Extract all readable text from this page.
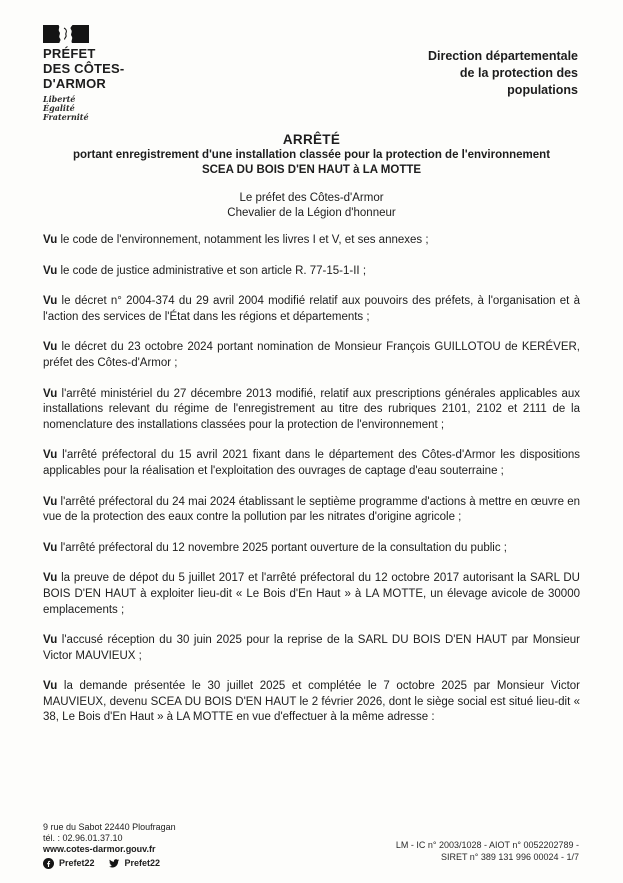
PRÉFET
DES CÔTES-
D'ARMOR
Liberté
Égalité
Fraternité
Direction départementale
de la protection des
populations
ARRÊTÉ
portant enregistrement d'une installation classée pour la protection de l'environnement
SCEA DU BOIS D'EN HAUT à LA MOTTE
Le préfet des Côtes-d'Armor
Chevalier de la Légion d'honneur

Vu le code de l'environnement, notamment les livres I et V, et ses annexes ;

Vu le code de justice administrative et son article R. 77-15-1-II ;

Vu le décret n° 2004-374 du 29 avril 2004 modifié relatif aux pouvoirs des préfets, à l'organisation et à l'action des services de l'État dans les régions et départements ;

Vu le décret du 23 octobre 2024 portant nomination de Monsieur François GUILLOTOU de KERÉVER, préfet des Côtes-d'Armor ;

Vu l'arrêté ministériel du 27 décembre 2013 modifié, relatif aux prescriptions générales applicables aux installations relevant du régime de l'enregistrement au titre des rubriques 2101, 2102 et 2111 de la nomenclature des installations classées pour la protection de l'environnement ;

Vu l'arrêté préfectoral du 15 avril 2021 fixant dans le département des Côtes-d'Armor les dispositions applicables pour la réalisation et l'exploitation des ouvrages de captage d'eau souterraine ;

Vu l'arrêté préfectoral du 24 mai 2024 établissant le septième programme d'actions à mettre en œuvre en vue de la protection des eaux contre la pollution par les nitrates d'origine agricole ;

Vu l'arrêté préfectoral du 12 novembre 2025 portant ouverture de la consultation du public ;

Vu la preuve de dépot du 5 juillet 2017 et l'arrêté préfectoral du 12 octobre 2017 autorisant la SARL DU BOIS D'EN HAUT à exploiter lieu-dit « Le Bois d'En Haut » à LA MOTTE, un élevage avicole de 30000 emplacements ;

Vu l'accusé réception du 30 juin 2025 pour la reprise de la SARL DU BOIS D'EN HAUT par Monsieur Victor MAUVIEUX ;

Vu la demande présentée le 30 juillet 2025 et complétée le 7 octobre 2025 par Monsieur Victor MAUVIEUX, devenu SCEA DU BOIS D'EN HAUT le 2 février 2026, dont le siège social est situé lieu-dit « 38, Le Bois d'En Haut » à LA MOTTE en vue d'effectuer à la même adresse :

9 rue du Sabot 22440 Ploufragan
tél. : 02.96.01.37.10
www.cotes-darmor.gouv.fr
Prefet22	Prefet22
LM - IC n° 2003/1028 - AIOT n° 0052202789 -
SIRET n° 389 131 996 00024 - 1/7
